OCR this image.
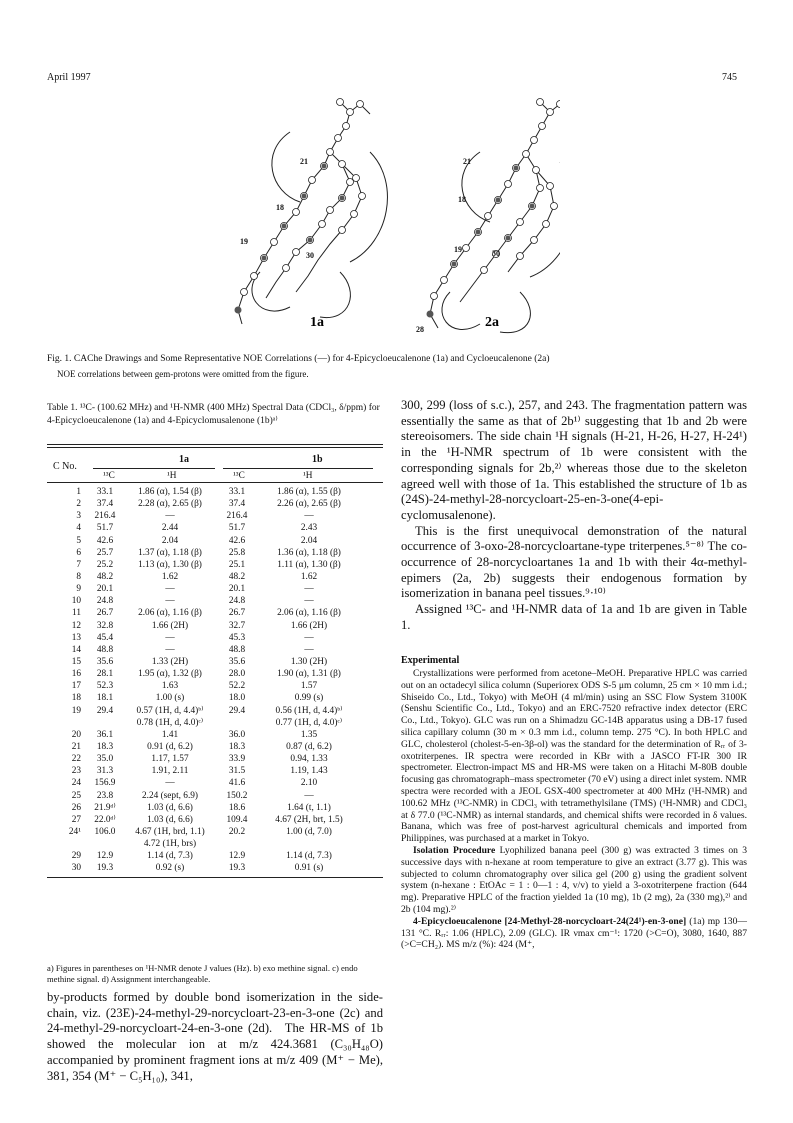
April 1997	745
21
18
19
30
21
18
19	30
28
1a	2a
Fig. 1. CAChe Drawings and Some Representative NOE Correlations (—) for 4-Epicycloeucalenone (1a) and Cycloeucalenone (2a)
NOE correlations between gem-protons were omitted from the figure.
Table 1. ¹³C- (100.62 MHz) and ¹H-NMR (400 MHz) Spectral Data (CDCl₃, δ/ppm) for 4-Epicycloeucalenone (1a) and 4-Epicyclomusalenone (1b)ᵃ⁾
1a	1b
C No.
¹³C	¹H	¹³C	¹H
1	33.1	1.86 (α), 1.54 (β)	33.1	1.86 (α), 1.55 (β)
2	37.4	2.28 (α), 2.65 (β)	37.4	2.26 (α), 2.65 (β)
3	216.4	—	216.4	—
4	51.7	2.44	51.7	2.43
5	42.6	2.04	42.6	2.04
6	25.7	1.37 (α), 1.18 (β)	25.8	1.36 (α), 1.18 (β)
7	25.2	1.13 (α), 1.30 (β)	25.1	1.11 (α), 1.30 (β)
8	48.2	1.62	48.2	1.62
9	20.1	—	20.1	—
10	24.8	—	24.8	—
11	26.7	2.06 (α), 1.16 (β)	26.7	2.06 (α), 1.16 (β)
12	32.8	1.66 (2H)	32.7	1.66 (2H)
13	45.4	—	45.3	—
14	48.8	—	48.8	—
15	35.6	1.33 (2H)	35.6	1.30 (2H)
16	28.1	1.95 (α), 1.32 (β)	28.0	1.90 (α), 1.31 (β)
17	52.3	1.63	52.2	1.57
18	18.1	1.00 (s)	18.0	0.99 (s)
19	29.4	0.57 (1H, d, 4.4)ᵇ⁾	29.4	0.56 (1H, d, 4.4)ᵇ⁾
0.78 (1H, d, 4.0)ᶜ⁾	0.77 (1H, d, 4.0)ᶜ⁾
20	36.1	1.41	36.0	1.35
21	18.3	0.91 (d, 6.2)	18.3	0.87 (d, 6.2)
22	35.0	1.17, 1.57	33.9	0.94, 1.33
23	31.3	1.91, 2.11	31.5	1.19, 1.43
24	156.9	—	41.6	2.10
25	23.8	2.24 (sept, 6.9)	150.2	—
26	21.9ᵈ⁾	1.03 (d, 6.6)	18.6	1.64 (t, 1.1)
27	22.0ᵈ⁾	1.03 (d, 6.6)	109.4	4.67 (2H, brt, 1.5)
24¹	106.0	4.67 (1H, brd, 1.1)	20.2	1.00 (d, 7.0)
4.72 (1H, brs)
29	12.9	1.14 (d, 7.3)	12.9	1.14 (d, 7.3)
30	19.3	0.92 (s)	19.3	0.91 (s)
a) Figures in parentheses on ¹H-NMR denote J values (Hz). b) exo methine signal. c) endo methine signal. d) Assignment interchangeable.
by-products formed by double bond isomerization in the side-chain, viz. (23E)-24-methyl-29-norcycloart-23-en-3-one (2c) and 24-methyl-29-norcycloart-24-en-3-one (2d). The HR-MS of 1b showed the molecular ion at m/z 424.3681 (C₃₀H₄₈O) accompanied by prominent fragment ions at m/z 409 (M⁺ − Me), 381, 354 (M⁺ − C₅H₁₀), 341,
300, 299 (loss of s.c.), 257, and 243. The fragmentation pattern was essentially the same as that of 2b¹⁾ suggesting that 1b and 2b were stereoisomers. The side chain ¹H signals (H-21, H-26, H-27, H-24¹) in the ¹H-NMR spectrum of 1b were consistent with the corresponding signals for 2b,²⁾ whereas those due to the skeleton agreed well with those of 1a. This established the structure of 1b as (24S)-24-methyl-28-norcycloart-25-en-3-one(4-epi-cyclomusalenone).
This is the first unequivocal demonstration of the natural occurrence of 3-oxo-28-norcycloartane-type triterpenes.⁵⁻⁸⁾ The co-occurrence of 28-norcycloartanes 1a and 1b with their 4α-methyl-epimers (2a, 2b) suggests their endogenous formation by isomerization in banana peel tissues.⁹·¹⁰⁾
Assigned ¹³C- and ¹H-NMR data of 1a and 1b are given in Table 1.
Experimental
Crystallizations were performed from acetone–MeOH. Preparative HPLC was carried out on an octadecyl silica column (Superiorex ODS S-5 μm column, 25 cm × 10 mm i.d.; Shiseido Co., Ltd., Tokyo) with MeOH (4 ml/min) using an SSC Flow System 3100K (Senshu Scientific Co., Ltd., Tokyo) and an ERC-7520 refractive index detector (ERC Co., Ltd., Tokyo). GLC was run on a Shimadzu GC-14B apparatus using a DB-17 fused silica capillary column (30 m × 0.3 mm i.d., column temp. 275 °C). In both HPLC and GLC, cholesterol (cholest-5-en-3β-ol) was the standard for the determination of Rᵣᵣ of 3-oxotriterpenes. IR spectra were recorded in KBr with a JASCO FT-IR 300 IR spectrometer. Electron-impact MS and HR-MS were taken on a Hitachi M-80B double focusing gas chromatograph–mass spectrometer (70 eV) using a direct inlet system. NMR spectra were recorded with a JEOL GSX-400 spectrometer at 400 MHz (¹H-NMR) and 100.62 MHz (¹³C-NMR) in CDCl₃ with tetramethylsilane (TMS) (¹H-NMR) and CDCl₃ at δ 77.0 (¹³C-NMR) as internal standards, and chemical shifts were recorded in δ values. Banana, which was free of post-harvest agricultural chemicals and imported from Philippines, was purchased at a market in Tokyo.
Isolation Procedure Lyophilized banana peel (300 g) was extracted 3 times on 3 successive days with n-hexane at room temperature to give an extract (3.77 g). This was subjected to column chromatography over silica gel (200 g) using the gradient solvent system (n-hexane : EtOAc = 1 : 0—1 : 4, v/v) to yield a 3-oxotriterpene fraction (644 mg). Preparative HPLC of the fraction yielded 1a (10 mg), 1b (2 mg), 2a (330 mg),²⁾ and 2b (104 mg).²⁾
4-Epicycloeucalenone [24-Methyl-28-norcycloart-24(24¹)-en-3-one] (1a) mp 130—131 °C. Rᵣᵣ: 1.06 (HPLC), 2.09 (GLC). IR νmax cm⁻¹: 1720 (>C=O), 3080, 1640, 887 (>C=CH₂). MS m/z (%): 424 (M⁺,
